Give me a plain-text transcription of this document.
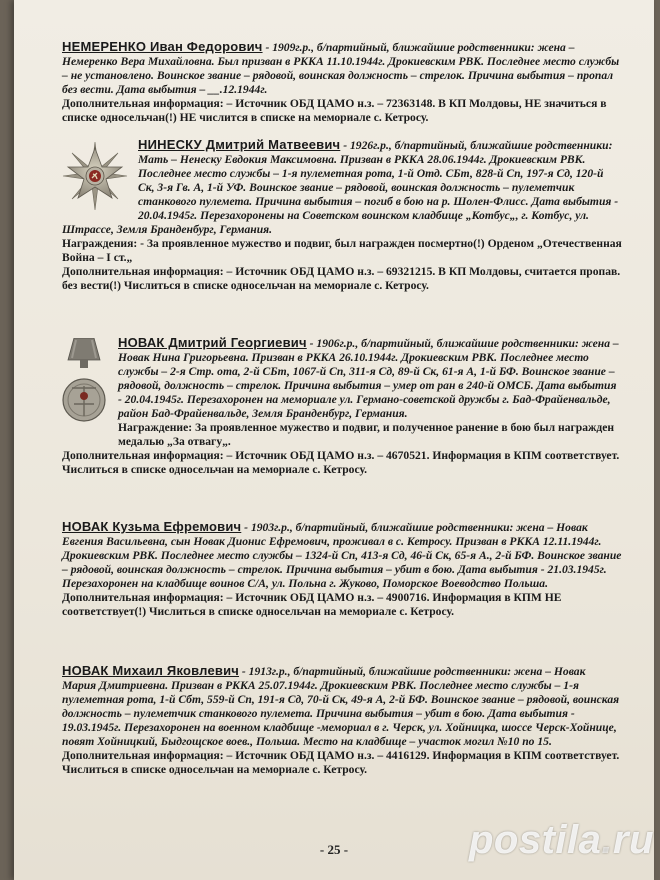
НЕМЕРЕНКО Иван Федорович - 1909г.р., б/партийный, ближайшие родственники: жена – Немеренко Вера Михайловна. Был призван в РККА 11.10.1944г. Дрокиевским РВК. Последнее место службы – не установлено. Воинское звание – рядовой, воинская должность – стрелок. Причина выбытия – пропал без вести. Дата выбытия – __.12.1944г.

Дополнительная информация: – Источник ОБД ЦАМО н.з. – 72363148. В КП Молдовы, НЕ значиться в списке односельчан(!) НЕ числится в списке на мемориале с. Кетросу.

НИНЕСКУ Дмитрий Матвеевич - 1926г.р., б/партийный, ближайшие родственники: Мать – Ненеску Евдокия Максимовна. Призван в РККА 28.06.1944г. Дрокиевским РВК. Последнее место службы – 1-я пулеметная рота, 1-й Отд. СБт, 828-й Сп, 197-я Сд, 120-й Ск, 3-я Гв. А, 1-й УФ. Воинское звание – рядовой, воинская должность – пулеметчик станкового пулемета. Причина выбытия – погиб в бою на р. Шолен-Флисс. Дата выбытия - 20.04.1945г. Перезахоронены на Советском воинском кладбище „Котбус„, г. Котбус, ул. Штрассе, Земля Бранденбург, Германия.

Награждения: - За проявленное мужество и подвиг, был награжден посмертно(!) Орденом „Отечественная Война – I ст.„

Дополнительная информация: – Источник ОБД ЦАМО н.з. – 69321215. В КП Молдовы, считается пропав. без вести(!) Числиться в списке односельчан на мемориале с. Кетросу.

НОВАК Дмитрий Георгиевич - 1906г.р., б/партийный, ближайшие родственники: жена – Новак Нина Григорьевна. Призван в РККА 26.10.1944г. Дрокиевским РВК. Последнее место службы – 2-я Стр. ота, 2-й СБт, 1067-й Сп, 311-я Сд, 89-й Ск, 61-я А, 1-й БФ. Воинское звание – рядовой, должность – стрелок. Причина выбытия – умер от ран в 240-й ОМСБ. Дата выбытия - 20.04.1945г. Перезахоронен на мемориале ул. Германо-советской дружбы г. Бад-Фрайенвальде, район Бад-Фрайенвальде, Земля Бранденбург, Германия.

Награждение: За проявленное мужество и подвиг, и полученное ранение в бою был награжден медалью „За отвагу„.

Дополнительная информация: – Источник ОБД ЦАМО н.з. – 4670521. Информация в КПМ соответствует. Числиться в списке односельчан на мемориале с. Кетросу.

НОВАК Кузьма Ефремович - 1903г.р., б/партийный, ближайшие родственники: жена – Новак Евгения Васильевна, сын Новак Дионис Ефремович, проживал в с. Кетросу. Призван в РККА 12.11.1944г. Дрокиевским РВК. Последнее место службы – 1324-й Сп, 413-я Сд, 46-й Ск, 65-я А., 2-й БФ. Воинское звание – рядовой, воинская должность – стрелок. Причина выбытия – убит в бою. Дата выбытия - 21.03.1945г. Перезахоронен на кладбище воинов С/А, ул. Польна г. Жуково, Поморское Воеводство Польша.

Дополнительная информация: – Источник ОБД ЦАМО н.з. – 4900716. Информация в КПМ НЕ соответствует(!) Числиться в списке односельчан на мемориале с. Кетросу.

НОВАК Михаил Яковлевич - 1913г.р., б/партийный, ближайшие родственники: жена – Новак Мария Дмитриевна. Призван в РККА 25.07.1944г. Дрокиевским РВК. Последнее место службы – 1-я пулеметная рота, 1-й Сбт, 559-й Сп, 191-я Сд, 70-й Ск, 49-я А, 2-й БФ. Воинское звание – рядовой, воинская должность – пулеметчик станкового пулемета. Причина выбытия – убит в бою. Дата выбытия - 19.03.1945г. Перезахоронен на военном кладбище -мемориал в г. Черск, ул. Хойницка, шоссе Черск-Хойнице, повят Хойницкий, Быдгощское воев., Польша. Место на кладбище – участок могил №10 по 15.

Дополнительная информация: – Источник ОБД ЦАМО н.з. – 4416129. Информация в КПМ соответствует. Числиться в списке односельчан на мемориале с. Кетросу.

- 25 -	postila.ru
